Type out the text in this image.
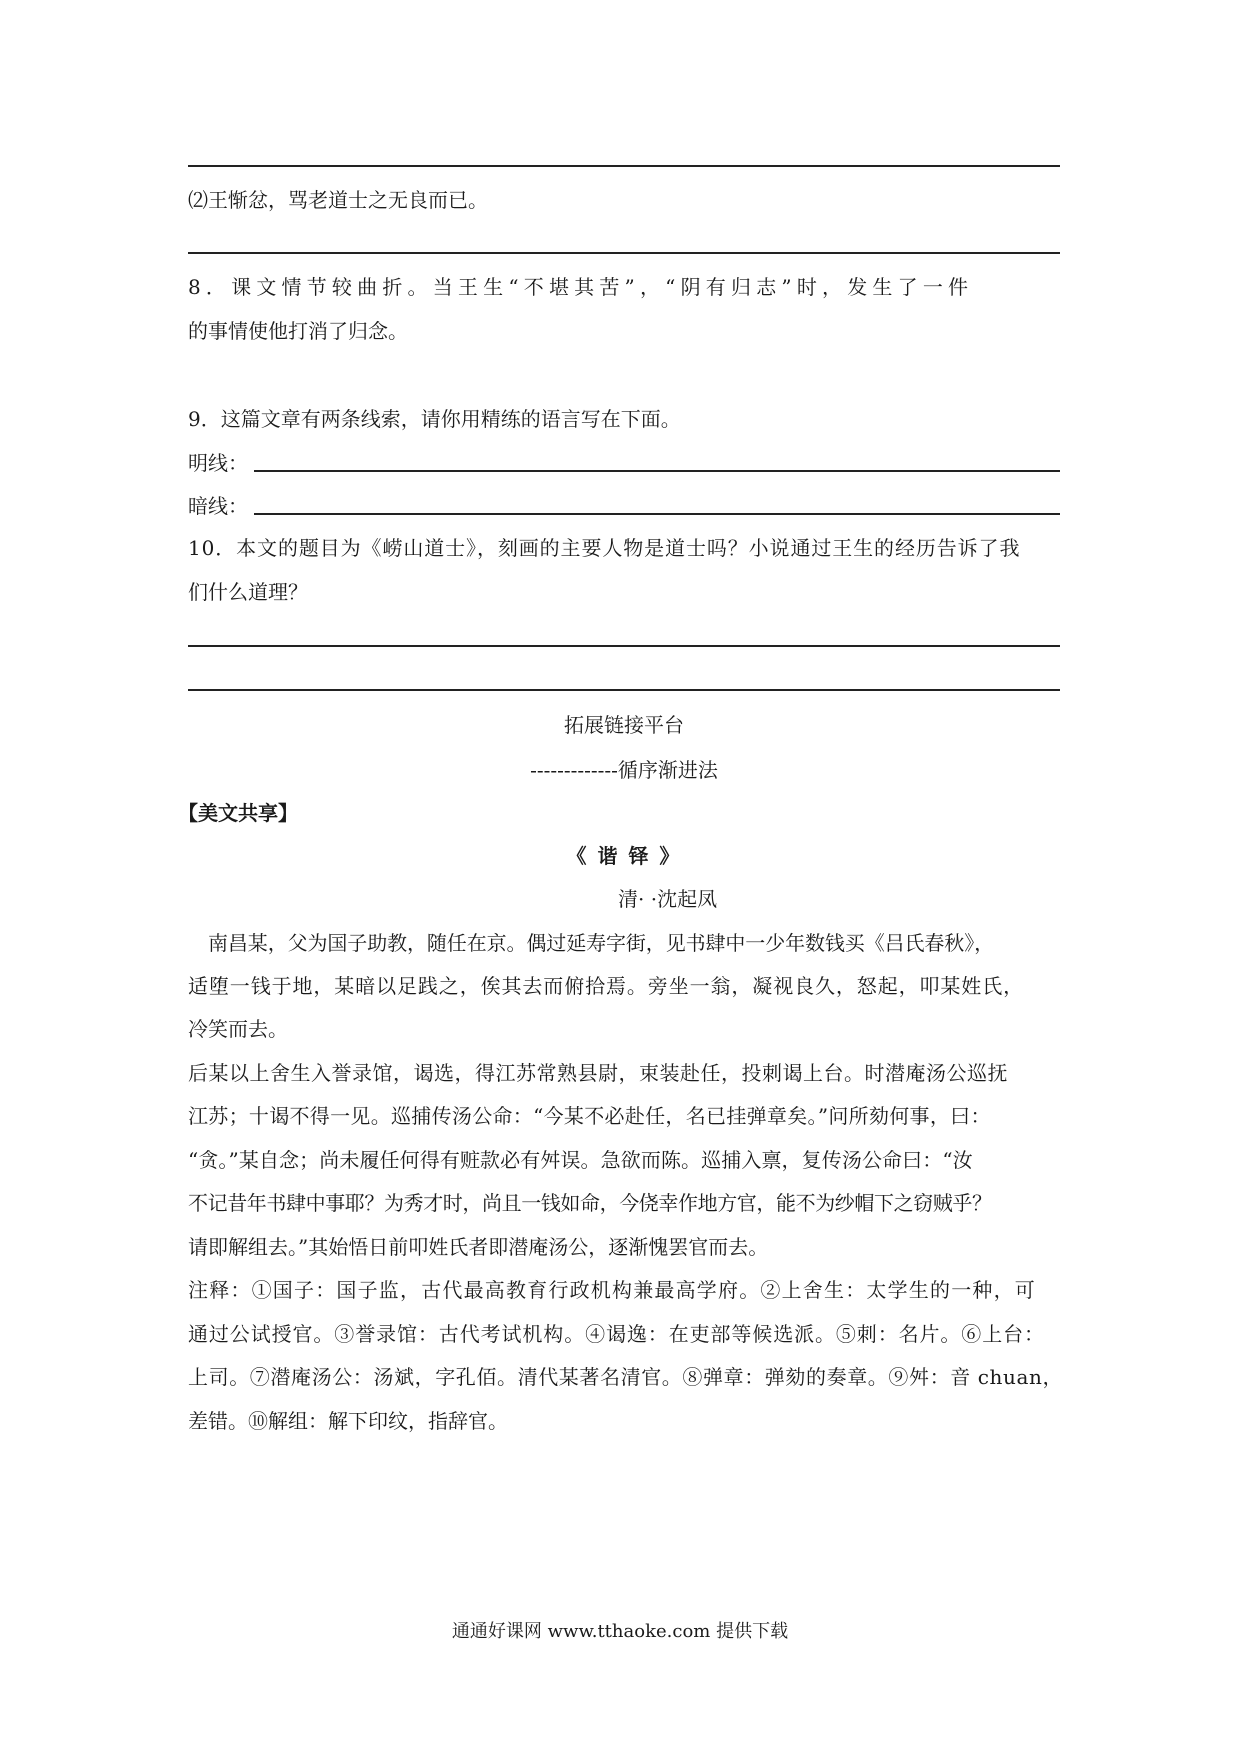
⑵王惭忿，骂老道士之无良而已。
8．课文情节较曲折。当王生“不堪其苦”，“阴有归志”时，发生了一件
的事情使他打消了归念。
9．这篇文章有两条线索，请你用精练的语言写在下面。
明线：
暗线：
10．本文的题目为《崂山道士》，刻画的主要人物是道士吗？小说通过王生的经历告诉了我
们什么道理？
拓展链接平台
-------------循序渐进法
【美文共享】
《 谐 铎 》
清· ·沈起凤
南昌某，父为国子助教，随任在京。偶过延寿字街，见书肆中一少年数钱买《吕氏春秋》，
适堕一钱于地，某暗以足践之，俟其去而俯拾焉。旁坐一翁，凝视良久，怒起，叩某姓氏，
冷笑而去。
后某以上舍生入誉录馆，谒选，得江苏常熟县尉，束装赴任，投刺谒上台。时潜庵汤公巡抚
江苏；十谒不得一见。巡捕传汤公命：“今某不必赴任，名已挂弹章矣。”问所劾何事，曰：
“贪。”某自念；尚未履任何得有赃款必有舛误。急欲而陈。巡捕入禀，复传汤公命曰：“汝
不记昔年书肆中事耶？为秀才时，尚且一钱如命，今侥幸作地方官，能不为纱帽下之窃贼乎？
请即解组去。”其始悟日前叩姓氏者即潜庵汤公，逐渐愧罢官而去。
注释：①国子：国子监，古代最高教育行政机构兼最高学府。②上舍生：太学生的一种，可
通过公试授官。③誉录馆：古代考试机构。④谒逸：在吏部等候选派。⑤刺：名片。⑥上台：
上司。⑦潜庵汤公：汤斌，字孔佰。清代某著名清官。⑧弹章：弹劾的奏章。⑨舛：音 chuan，
差错。⑩解组：解下印纹，指辞官。
通通好课网 www.tthaoke.com 提供下载
